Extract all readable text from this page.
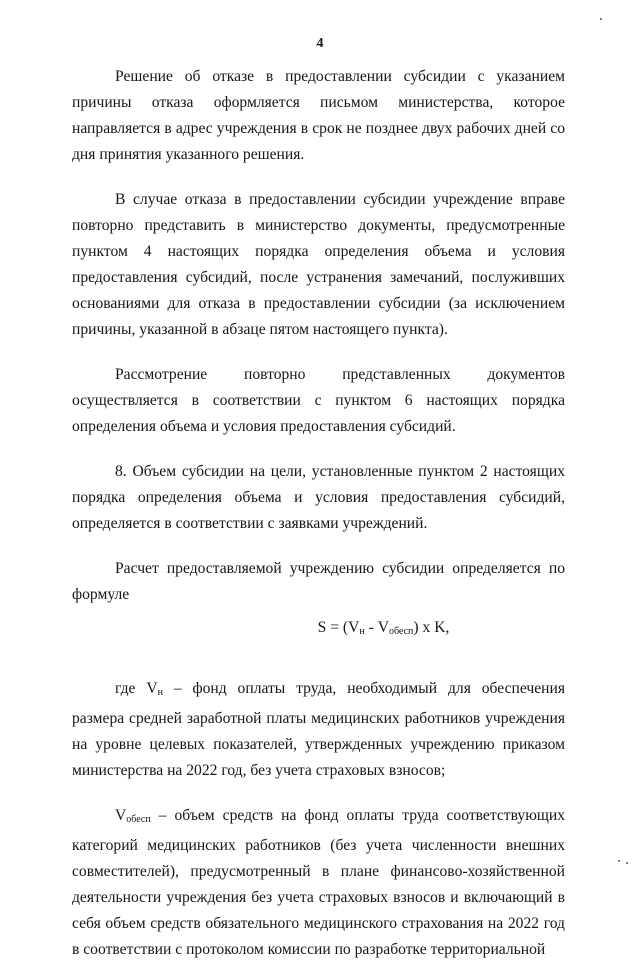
4

Решение об отказе в предоставлении субсидии с указанием причины отказа оформляется письмом министерства, которое направляется в адрес учреждения в срок не позднее двух рабочих дней со дня принятия указанного решения.

В случае отказа в предоставлении субсидии учреждение вправе повторно представить в министерство документы, предусмотренные пунктом 4 настоящих порядка определения объема и условия предоставления субсидий, после устранения замечаний, послуживших основаниями для отказа в предоставлении субсидии (за исключением причины, указанной в абзаце пятом настоящего пункта).

Рассмотрение повторно представленных документов осуществляется в соответствии с пунктом 6 настоящих порядка определения объема и условия предоставления субсидий.

8. Объем субсидии на цели, установленные пунктом 2 настоящих порядка определения объема и условия предоставления субсидий, определяется в соответствии с заявками учреждений.

Расчет предоставляемой учреждению субсидии определяется по формуле

$S = (V_н - V_{обесп})$ x K,

где $V_н$ – фонд оплаты труда, необходимый для обеспечения размера средней заработной платы медицинских работников учреждения на уровне целевых показателей, утвержденных учреждению приказом министерства на 2022 год, без учета страховых взносов;

$V_{обесп}$ – объем средств на фонд оплаты труда соответствующих категорий медицинских работников (без учета численности внешних совместителей), предусмотренный в плане финансово-хозяйственной деятельности учреждения без учета страховых взносов и включающий в себя объем средств обязательного медицинского страхования на 2022 год в соответствии с протоколом комиссии по разработке территориальной
